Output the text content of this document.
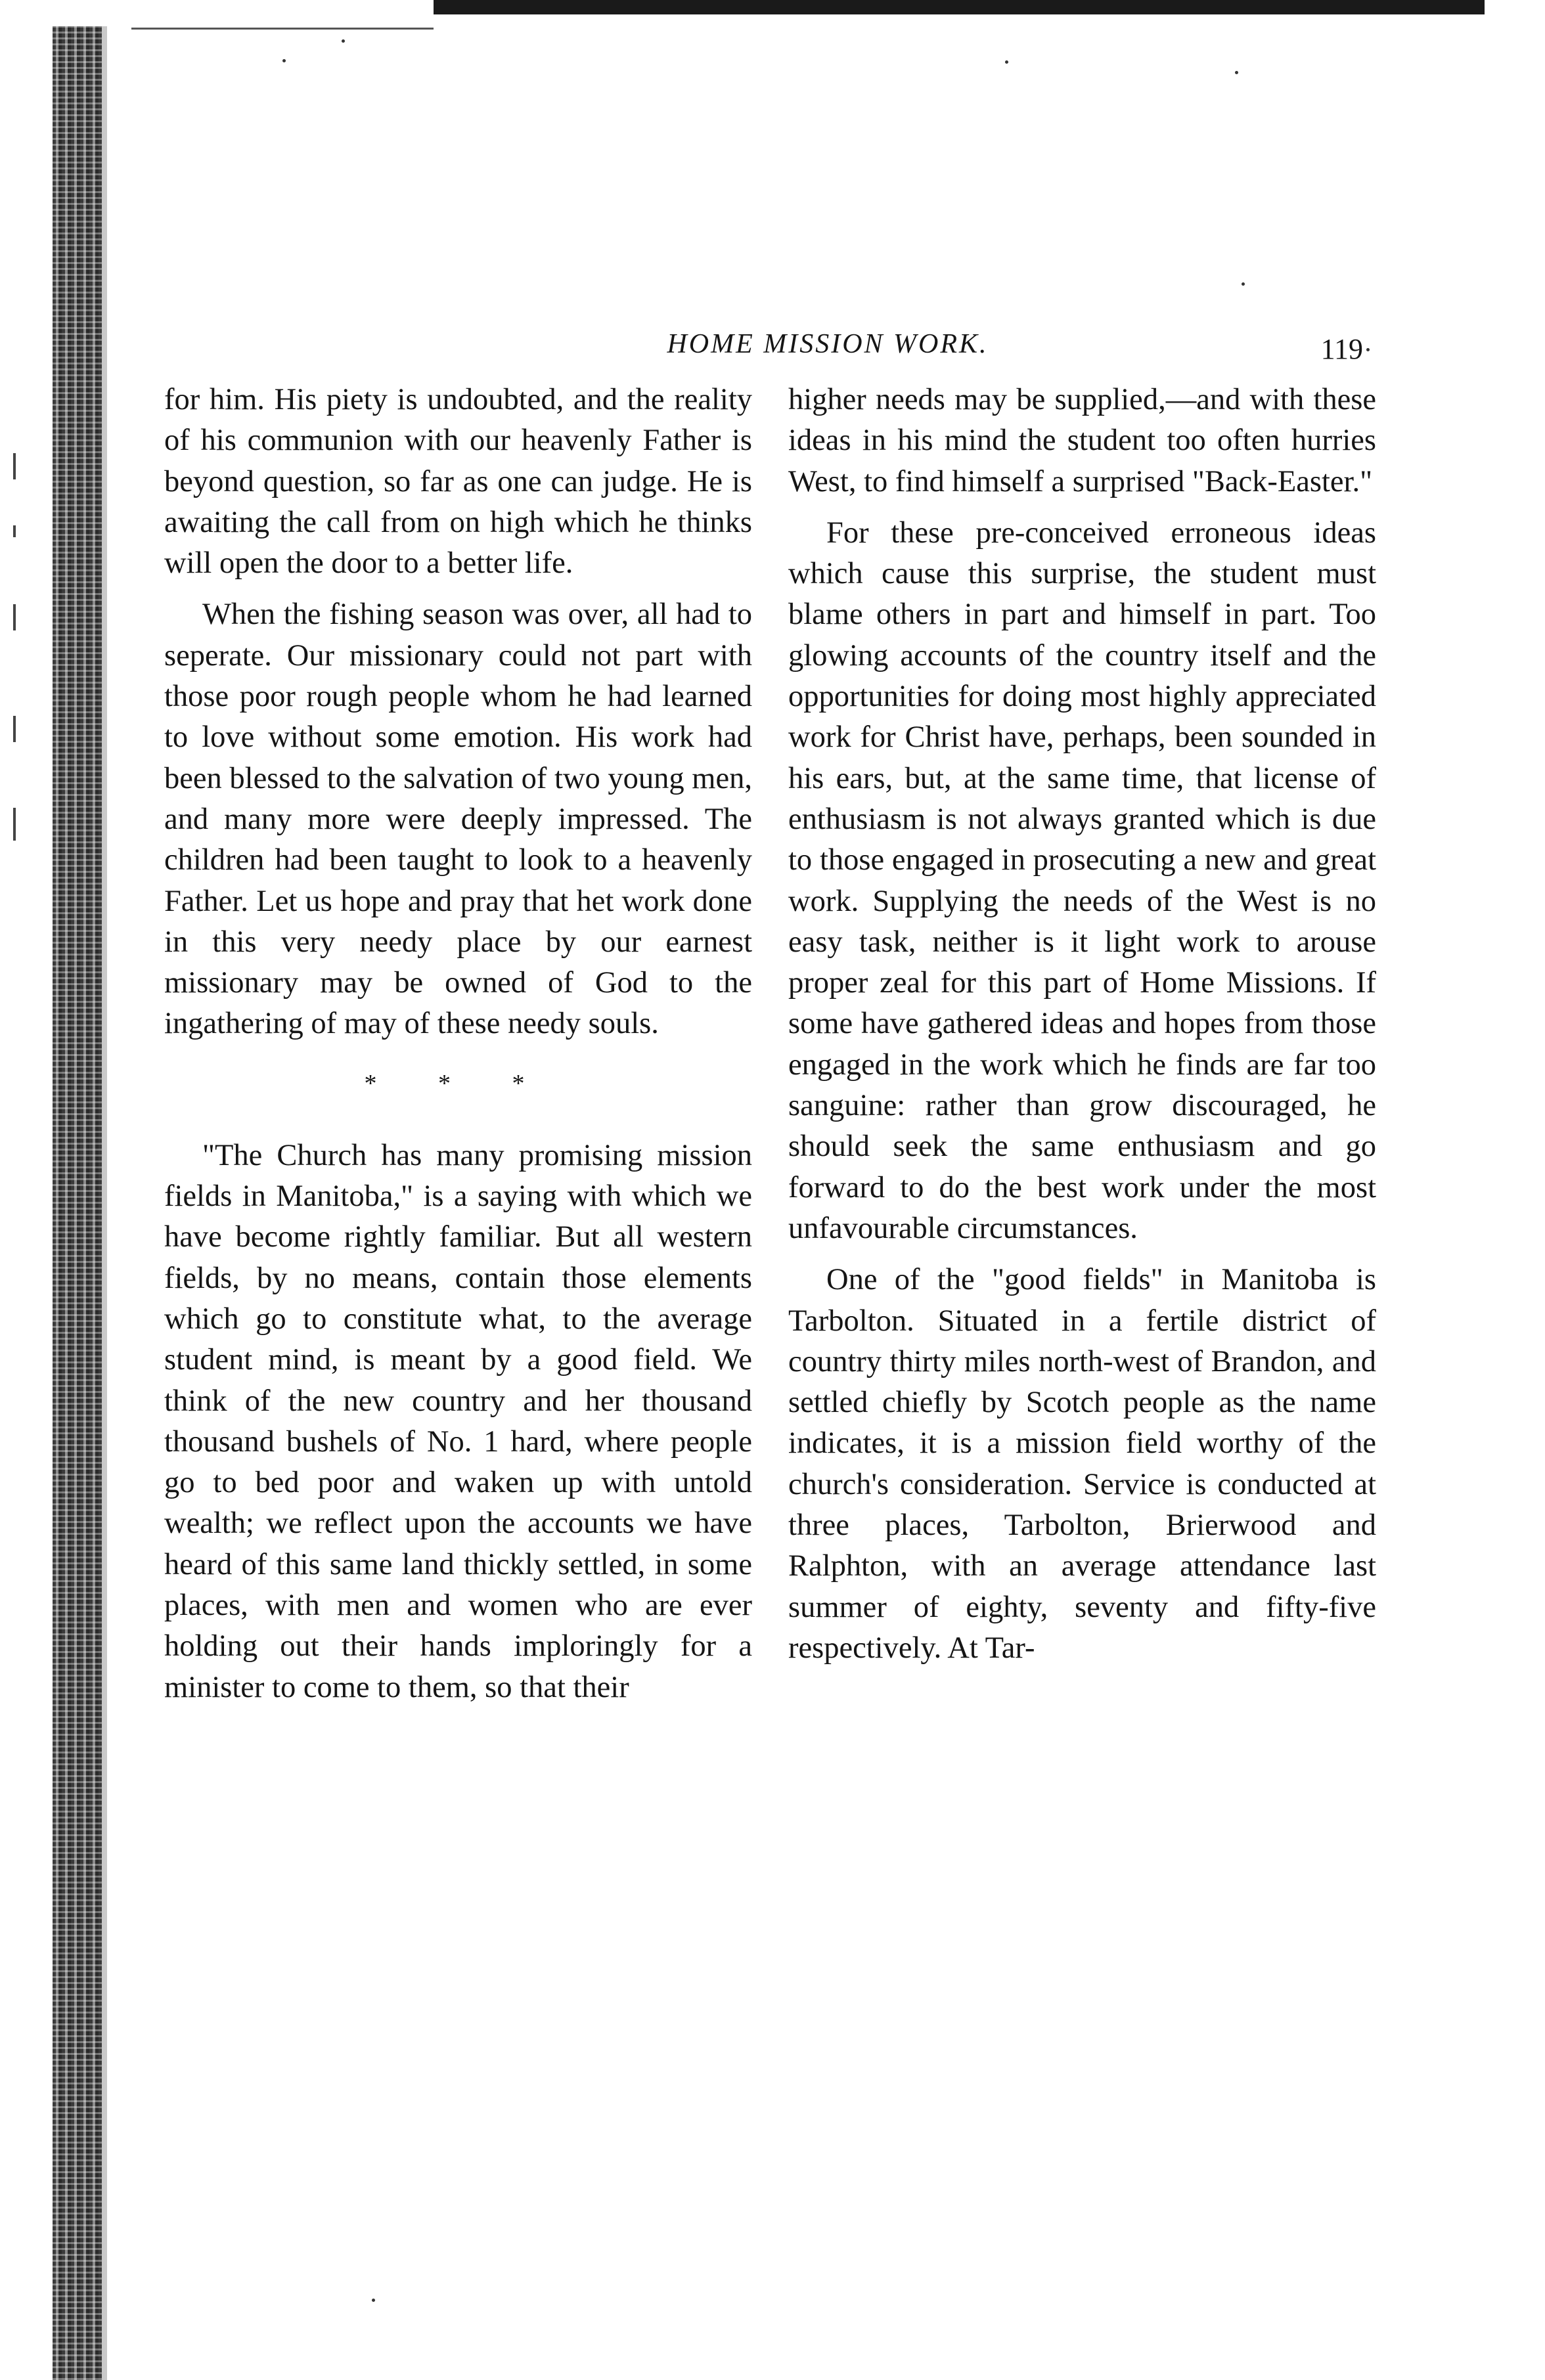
HOME MISSION WORK.	119

for him. His piety is undoubted, and the reality of his communion with our heavenly Father is beyond question, so far as one can judge. He is awaiting the call from on high which he thinks will open the door to a better life.

When the fishing season was over, all had to seperate. Our missionary could not part with those poor rough people whom he had learned to love without some emotion. His work had been blessed to the salvation of two young men, and many more were deeply impressed. The children had been taught to look to a heavenly Father. Let us hope and pray that het work done in this very needy place by our earnest missionary may be owned of God to the ingathering of may of these needy souls.

* * *

"The Church has many promising mission fields in Manitoba," is a saying with which we have become rightly familiar. But all western fields, by no means, contain those elements which go to constitute what, to the average student mind, is meant by a good field. We think of the new country and her thousand thousand bushels of No. 1 hard, where people go to bed poor and waken up with untold wealth; we reflect upon the accounts we have heard of this same land thickly settled, in some places, with men and women who are ever holding out their hands imploringly for a minister to come to them, so that their

higher needs may be supplied,—and with these ideas in his mind the student too often hurries West, to find himself a surprised "Back-Easter."

For these pre-conceived erroneous ideas which cause this surprise, the student must blame others in part and himself in part. Too glowing accounts of the country itself and the opportunities for doing most highly appreciated work for Christ have, perhaps, been sounded in his ears, but, at the same time, that license of enthusiasm is not always granted which is due to those engaged in prosecuting a new and great work. Supplying the needs of the West is no easy task, neither is it light work to arouse proper zeal for this part of Home Missions. If some have gathered ideas and hopes from those engaged in the work which he finds are far too sanguine: rather than grow discouraged, he should seek the same enthusiasm and go forward to do the best work under the most unfavourable circumstances.

One of the "good fields" in Manitoba is Tarbolton. Situated in a fertile district of country thirty miles north-west of Brandon, and settled chiefly by Scotch people as the name indicates, it is a mission field worthy of the church's consideration. Service is conducted at three places, Tarbolton, Brierwood and Ralphton, with an average attendance last summer of eighty, seventy and fifty-five respectively. At Tar-
